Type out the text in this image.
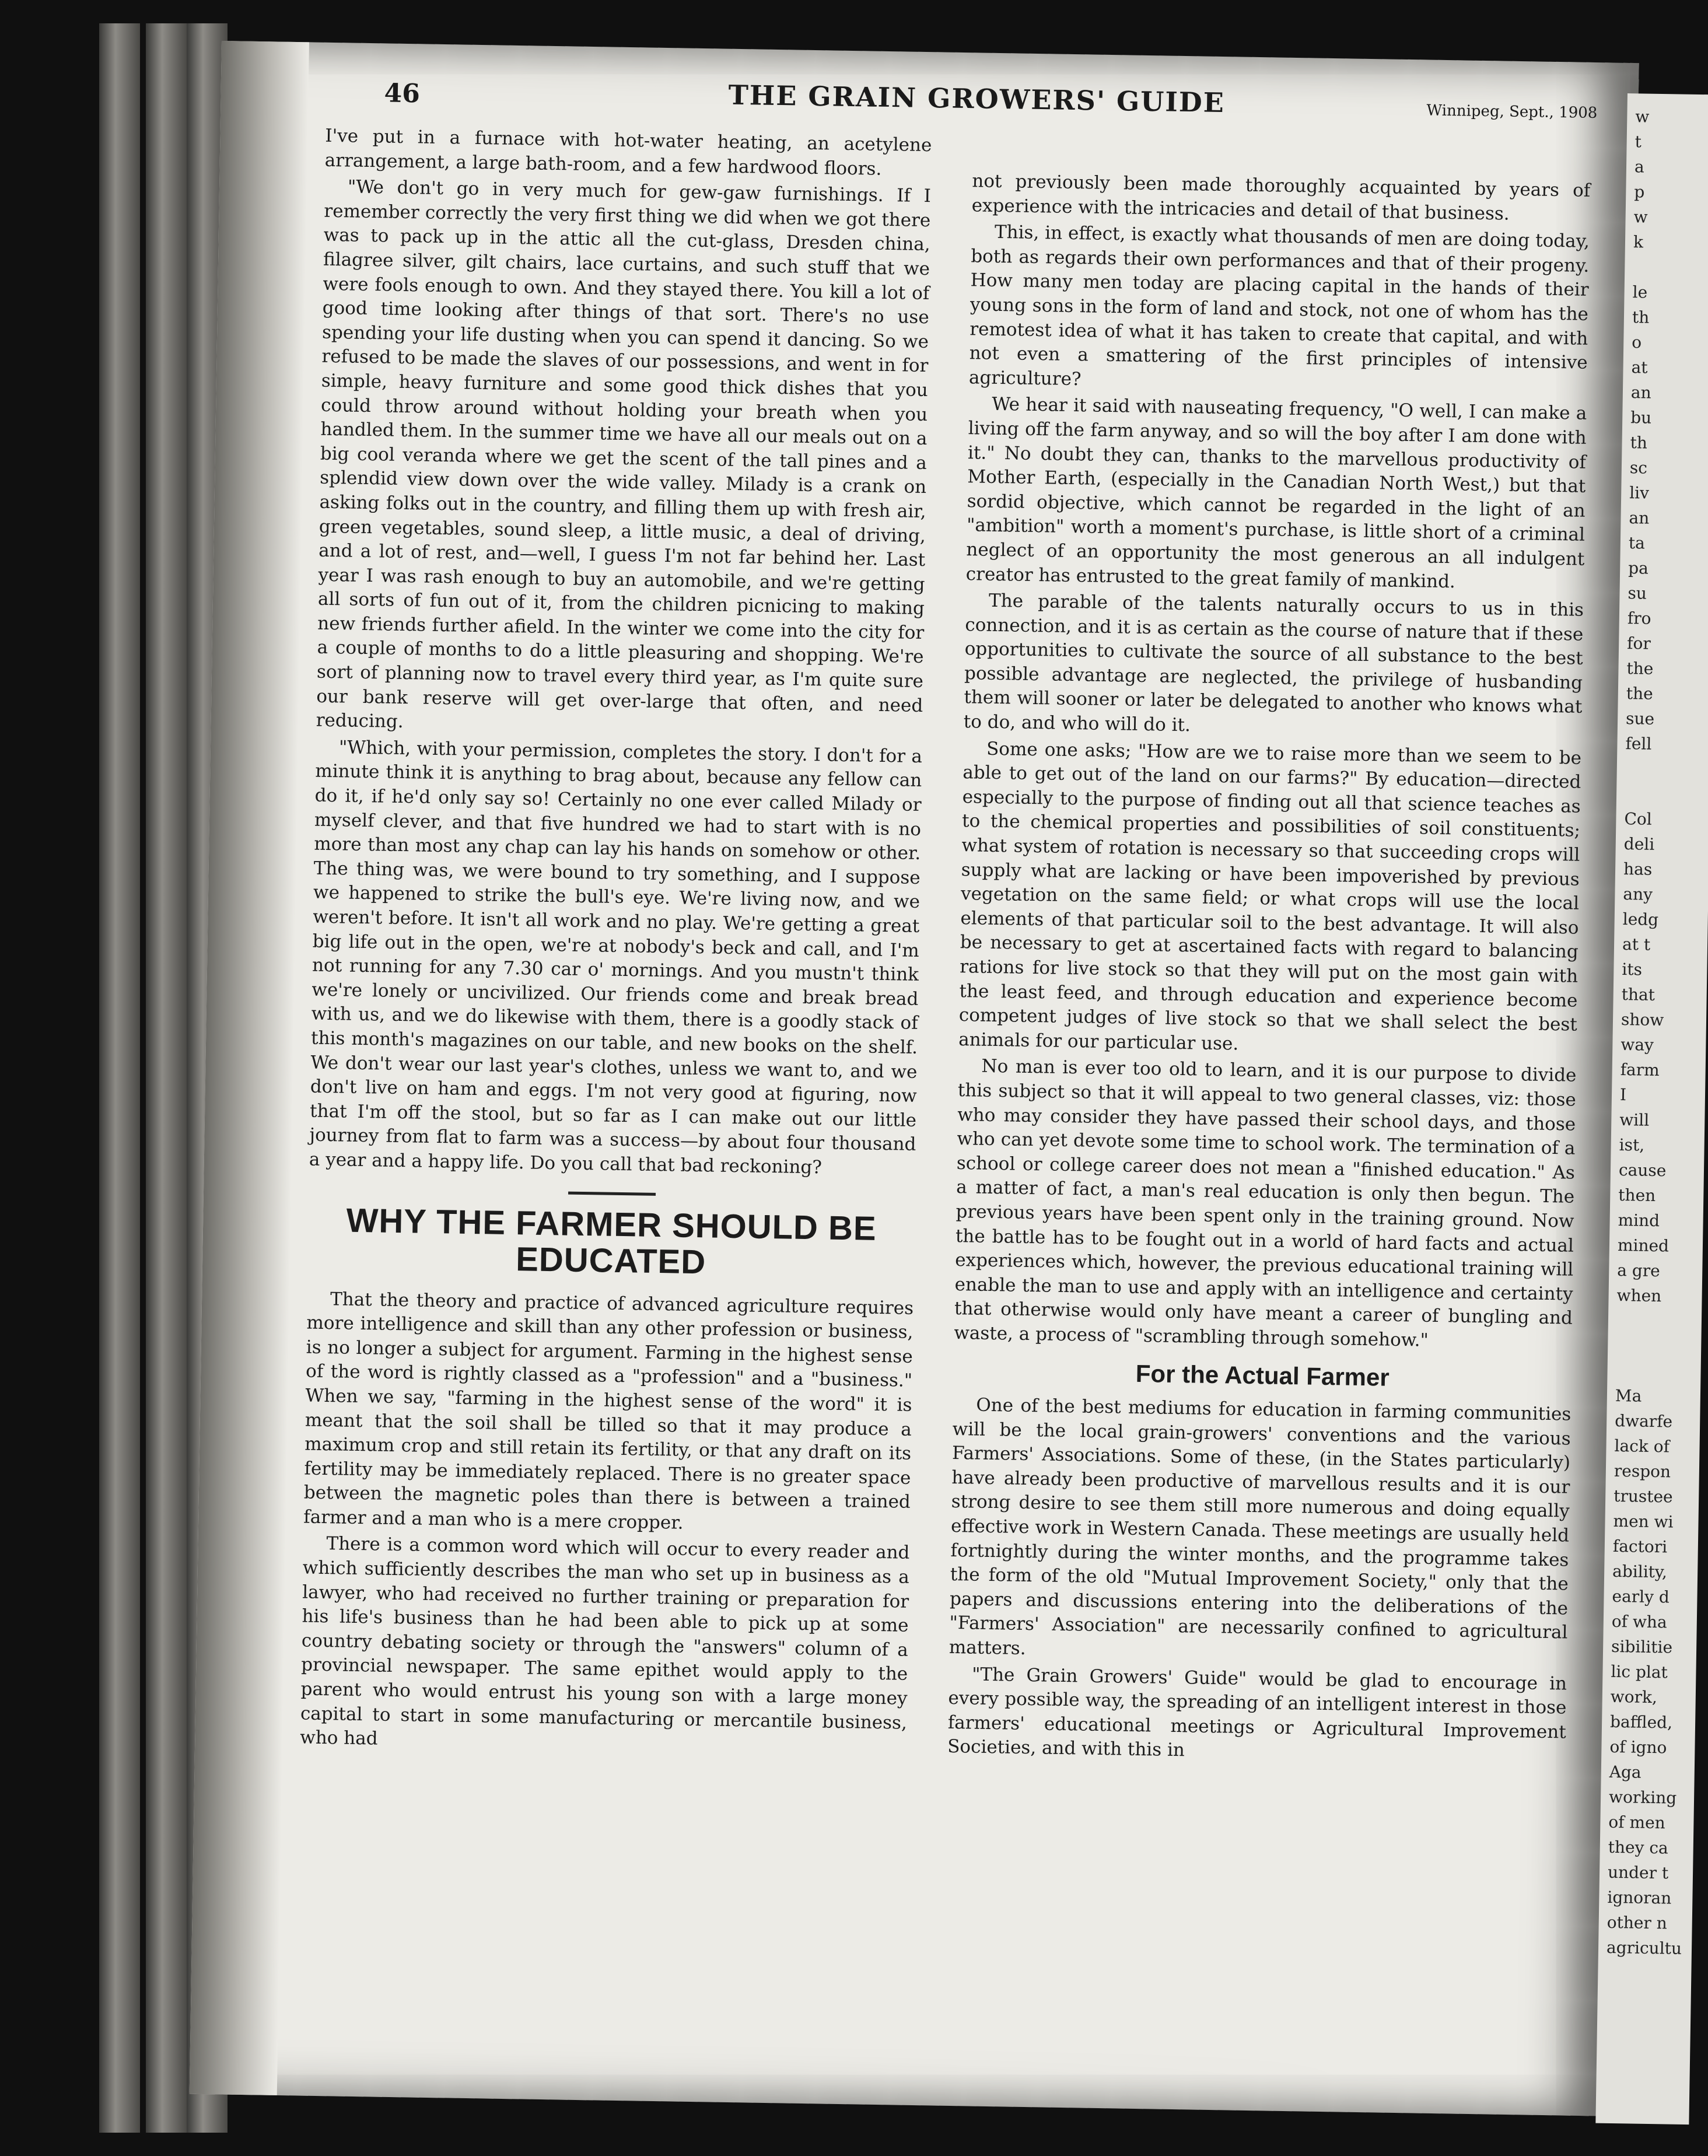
46	THE GRAIN GROWERS' GUIDE	Winnipeg, Sept., 1908

I've put in a furnace with hot-water heating, an acetylene arrangement, a large bath-room, and a few hardwood floors.

"We don't go in very much for gew-gaw furnishings. If I remember correctly the very first thing we did when we got there was to pack up in the attic all the cut-glass, Dresden china, filagree silver, gilt chairs, lace curtains, and such stuff that we were fools enough to own. And they stayed there. You kill a lot of good time looking after things of that sort. There's no use spending your life dusting when you can spend it dancing. So we refused to be made the slaves of our possessions, and went in for simple, heavy furniture and some good thick dishes that you could throw around without holding your breath when you handled them. In the summer time we have all our meals out on a big cool veranda where we get the scent of the tall pines and a splendid view down over the wide valley. Milady is a crank on asking folks out in the country, and filling them up with fresh air, green vegetables, sound sleep, a little music, a deal of driving, and a lot of rest, and—well, I guess I'm not far behind her. Last year I was rash enough to buy an automobile, and we're getting all sorts of fun out of it, from the children picnicing to making new friends further afield. In the winter we come into the city for a couple of months to do a little pleasuring and shopping. We're sort of planning now to travel every third year, as I'm quite sure our bank reserve will get over-large that often, and need reducing.

"Which, with your permission, completes the story. I don't for a minute think it is anything to brag about, because any fellow can do it, if he'd only say so! Certainly no one ever called Milady or myself clever, and that five hundred we had to start with is no more than most any chap can lay his hands on somehow or other. The thing was, we were bound to try something, and I suppose we happened to strike the bull's eye. We're living now, and we weren't before. It isn't all work and no play. We're getting a great big life out in the open, we're at nobody's beck and call, and I'm not running for any 7.30 car o' mornings. And you mustn't think we're lonely or uncivilized. Our friends come and break bread with us, and we do likewise with them, there is a goodly stack of this month's magazines on our table, and new books on the shelf. We don't wear our last year's clothes, unless we want to, and we don't live on ham and eggs. I'm not very good at figuring, now that I'm off the stool, but so far as I can make out our little journey from flat to farm was a success—by about four thousand a year and a happy life. Do you call that bad reckoning?

WHY THE FARMER SHOULD BE EDUCATED

That the theory and practice of advanced agriculture requires more intelligence and skill than any other profession or business, is no longer a subject for argument. Farming in the highest sense of the word is rightly classed as a "profession" and a "business." When we say, "farming in the highest sense of the word" it is meant that the soil shall be tilled so that it may produce a maximum crop and still retain its fertility, or that any draft on its fertility may be immediately replaced. There is no greater space between the magnetic poles than there is between a trained farmer and a man who is a mere cropper.

There is a common word which will occur to every reader and which sufficiently describes the man who set up in business as a lawyer, who had received no further training or preparation for his life's business than he had been able to pick up at some country debating society or through the "answers" column of a provincial newspaper. The same epithet would apply to the parent who would entrust his young son with a large money capital to start in some manufacturing or mercantile business, who had

not previously been made thoroughly acquainted by years of experience with the intricacies and detail of that business.

This, in effect, is exactly what thousands of men are doing today, both as regards their own performances and that of their progeny. How many men today are placing capital in the hands of their young sons in the form of land and stock, not one of whom has the remotest idea of what it has taken to create that capital, and with not even a smattering of the first principles of intensive agriculture?

We hear it said with nauseating frequency, "O well, I can make a living off the farm anyway, and so will the boy after I am done with it." No doubt they can, thanks to the marvellous productivity of Mother Earth, (especially in the Canadian North West,) but that sordid objective, which cannot be regarded in the light of an "ambition" worth a moment's purchase, is little short of a criminal neglect of an opportunity the most generous an all indulgent creator has entrusted to the great family of mankind.

The parable of the talents naturally occurs to us in this connection, and it is as certain as the course of nature that if these opportunities to cultivate the source of all substance to the best possible advantage are neglected, the privilege of husbanding them will sooner or later be delegated to another who knows what to do, and who will do it.

Some one asks; "How are we to raise more than we seem to be able to get out of the land on our farms?" By education—directed especially to the purpose of finding out all that science teaches as to the chemical properties and possibilities of soil constituents; what system of rotation is necessary so that succeeding crops will supply what are lacking or have been impoverished by previous vegetation on the same field; or what crops will use the local elements of that particular soil to the best advantage. It will also be necessary to get at ascertained facts with regard to balancing rations for live stock so that they will put on the most gain with the least feed, and through education and experience become competent judges of live stock so that we shall select the best animals for our particular use.

No man is ever too old to learn, and it is our purpose to divide this subject so that it will appeal to two general classes, viz: those who may consider they have passed their school days, and those who can yet devote some time to school work. The termination of a school or college career does not mean a "finished education." As a matter of fact, a man's real education is only then begun. The previous years have been spent only in the training ground. Now the battle has to be fought out in a world of hard facts and actual experiences which, however, the previous educational training will enable the man to use and apply with an intelligence and certainty that otherwise would only have meant a career of bungling and waste, a process of "scrambling through somehow."

For the Actual Farmer

One of the best mediums for education in farming communities will be the local grain-growers' conventions and the various Farmers' Associations. Some of these, (in the States particularly) have already been productive of marvellous results and it is our strong desire to see them still more numerous and doing equally effective work in Western Canada. These meetings are usually held fortnightly during the winter months, and the programme takes the form of the old "Mutual Improvement Society," only that the papers and discussions entering into the deliberations of the "Farmers' Association" are necessarily confined to agricultural matters.

"The Grain Growers' Guide" would be glad to encourage in every possible way, the spreading of an intelligent interest in those farmers' educational meetings or Agricultural Improvement Societies, and with this in

w
t
a
p
w
k
le
th
o
at
an
bu
th
sc
liv
an
ta
pa
su
fro
for
the
the
sue
fell
Col
deli
has
any
ledg
at t
its
that
show
way
farm
I
will
ist,
cause
then
mind
mined
a gre
when
Ma
dwarfe
lack of
respon
trustee
men wi
factori
ability,
early d
of wha
sibilitie
lic plat
work,
baffled,
of igno
Aga
working
of men
they ca
under t
ignoran
other n
agricultu
